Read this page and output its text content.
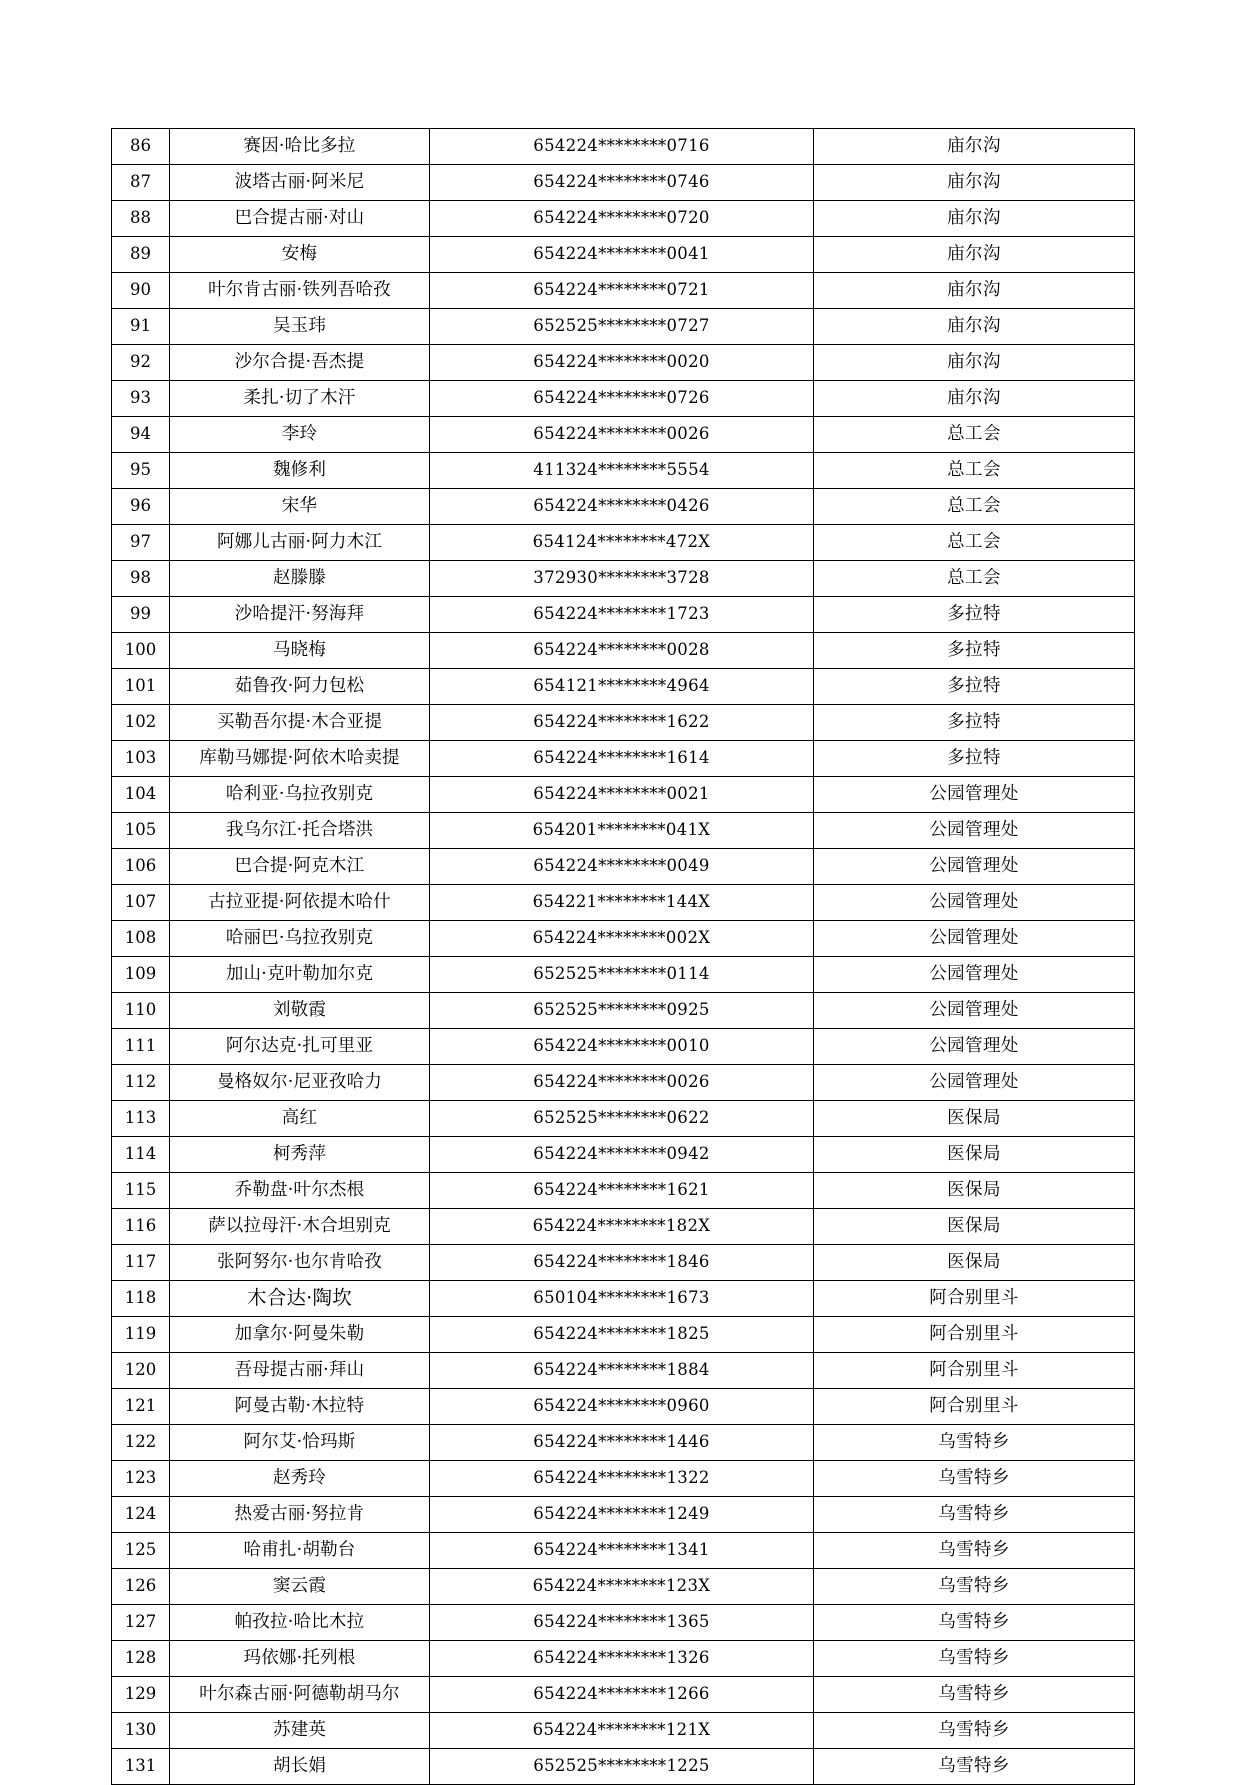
86	赛因·哈比多拉	654224********0716	庙尔沟
87	波塔古丽·阿米尼	654224********0746	庙尔沟
88	巴合提古丽·对山	654224********0720	庙尔沟
89	安梅	654224********0041	庙尔沟
90	叶尔肯古丽·铁列吾哈孜	654224********0721	庙尔沟
91	吴玉玮	652525********0727	庙尔沟
92	沙尔合提·吾杰提	654224********0020	庙尔沟
93	柔扎·切了木汗	654224********0726	庙尔沟
94	李玲	654224********0026	总工会
95	魏修利	411324********5554	总工会
96	宋华	654224********0426	总工会
97	阿娜儿古丽·阿力木江	654124********472X	总工会
98	赵滕滕	372930********3728	总工会
99	沙哈提汗·努海拜	654224********1723	多拉特
100	马晓梅	654224********0028	多拉特
101	茹鲁孜·阿力包松	654121********4964	多拉特
102	买勒吾尔提·木合亚提	654224********1622	多拉特
103	库勒马娜提·阿依木哈卖提	654224********1614	多拉特
104	哈利亚·乌拉孜别克	654224********0021	公园管理处
105	我乌尔江·托合塔洪	654201********041X	公园管理处
106	巴合提·阿克木江	654224********0049	公园管理处
107	古拉亚提·阿依提木哈什	654221********144X	公园管理处
108	哈丽巴·乌拉孜别克	654224********002X	公园管理处
109	加山·克叶勒加尔克	652525********0114	公园管理处
110	刘敬霞	652525********0925	公园管理处
111	阿尔达克·扎可里亚	654224********0010	公园管理处
112	曼格奴尔·尼亚孜哈力	654224********0026	公园管理处
113	高红	652525********0622	医保局
114	柯秀萍	654224********0942	医保局
115	乔勒盘·叶尔杰根	654224********1621	医保局
116	萨以拉母汗·木合坦别克	654224********182X	医保局
117	张阿努尔·也尔肯哈孜	654224********1846	医保局
118	木合达·陶坎	650104********1673	阿合别里斗
119	加拿尔·阿曼朱勒	654224********1825	阿合别里斗
120	吾母提古丽·拜山	654224********1884	阿合别里斗
121	阿曼古勒·木拉特	654224********0960	阿合别里斗
122	阿尔艾·恰玛斯	654224********1446	乌雪特乡
123	赵秀玲	654224********1322	乌雪特乡
124	热爱古丽·努拉肯	654224********1249	乌雪特乡
125	哈甫扎·胡勒台	654224********1341	乌雪特乡
126	窦云霞	654224********123X	乌雪特乡
127	帕孜拉·哈比木拉	654224********1365	乌雪特乡
128	玛依娜·托列根	654224********1326	乌雪特乡
129	叶尔森古丽·阿德勒胡马尔	654224********1266	乌雪特乡
130	苏建英	654224********121X	乌雪特乡
131	胡长娟	652525********1225	乌雪特乡
